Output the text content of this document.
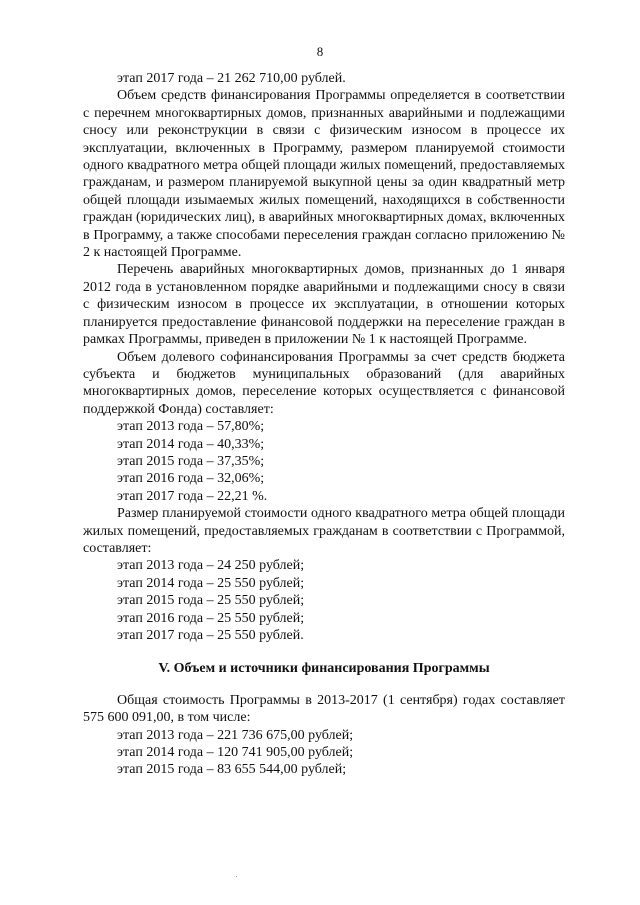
8

этап 2017 года – 21 262 710,00 рублей.

Объем средств финансирования Программы определяется в соответствии с перечнем многоквартирных домов, признанных аварийными и подлежащими сносу или реконструкции в связи с физическим износом в процессе их эксплуатации, включенных в Программу, размером планируемой стоимости одного квадратного метра общей площади жилых помещений, предоставляемых гражданам, и размером планируемой выкупной цены за один квадратный метр общей площади изымаемых жилых помещений, находящихся в собственности граждан (юридических лиц), в аварийных многоквартирных домах, включенных в Программу, а также способами переселения граждан согласно приложению № 2 к настоящей Программе.

Перечень аварийных многоквартирных домов, признанных до 1 января 2012 года в установленном порядке аварийными и подлежащими сносу в связи с физическим износом в процессе их эксплуатации, в отношении которых планируется предоставление финансовой поддержки на переселение граждан в рамках Программы, приведен в приложении № 1 к настоящей Программе.

Объем долевого софинансирования Программы за счет средств бюджета субъекта и бюджетов муниципальных образований (для аварийных многоквартирных домов, переселение которых осуществляется с финансовой поддержкой Фонда) составляет:

этап 2013 года – 57,80%;

этап 2014 года – 40,33%;

этап 2015 года – 37,35%;

этап 2016 года – 32,06%;

этап 2017 года – 22,21 %.

Размер планируемой стоимости одного квадратного метра общей площади жилых помещений, предоставляемых гражданам в соответствии с Программой, составляет:

этап 2013 года – 24 250 рублей;

этап 2014 года – 25 550 рублей;

этап 2015 года – 25 550 рублей;

этап 2016 года – 25 550 рублей;

этап 2017 года – 25 550 рублей.

V. Объем и источники финансирования Программы

Общая стоимость Программы в 2013-2017 (1 сентября) годах составляет 575 600 091,00, в том числе:

этап 2013 года – 221 736 675,00 рублей;

этап 2014 года – 120 741 905,00 рублей;

этап 2015 года – 83 655 544,00 рублей;
